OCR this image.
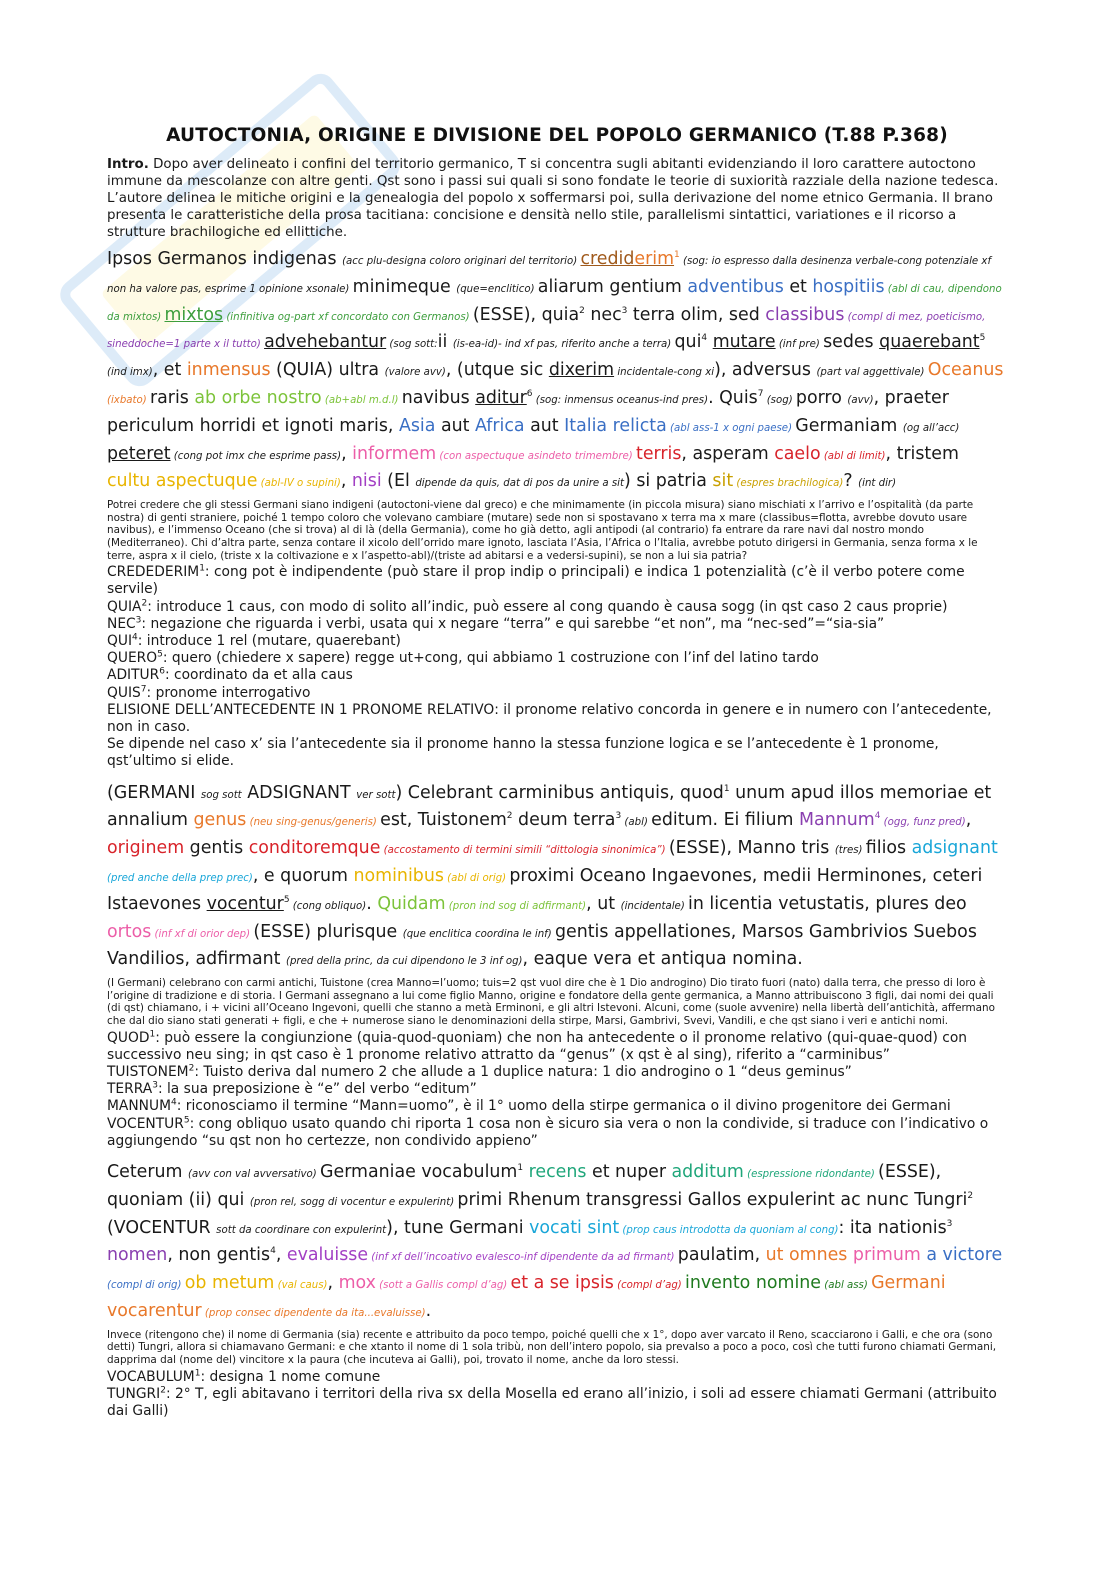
AUTOCTONIA, ORIGINE E DIVISIONE DEL POPOLO GERMANICO (T.88 P.368)

Intro. Dopo aver delineato i confini del territorio germanico, T si concentra sugli abitanti evidenziando il loro carattere autoctono immune da mescolanze con altre genti. Qst sono i passi sui quali si sono fondate le teorie di suxiorità razziale della nazione tedesca. L’autore delinea le mitiche origini e la genealogia del popolo x soffermarsi poi, sulla derivazione del nome etnico Germania. Il brano presenta le caratteristiche della prosa tacitiana: concisione e densità nello stile, parallelismi sintattici, variationes e il ricorso a strutture brachilogiche ed ellittiche.

Ipsos Germanos indigenas (acc plu-designa coloro originari del territorio) crediderim$^1$ (sog: io espresso dalla desinenza verbale-cong potenziale xf non ha valore pas, esprime 1 opinione xsonale) minimeque (que=enclitico) aliarum gentium adventibus et hospitiis (abl di cau, dipendono da mixtos) mixtos (infinitiva og-part xf concordato con Germanos) (ESSE), quia$^2$ nec$^3$ terra olim, sed classibus (compl di mez, poeticismo, sineddoche=1 parte x il tutto) advehebantur (sog sott:ii (is-ea-id)- ind xf pas, riferito anche a terra) qui$^4$ mutare (inf pre) sedes quaerebant$^5$ (ind imx), et inmensus (QUIA) ultra (valore avv), (utque sic dixerim incidentale-cong xi), adversus (part val aggettivale) Oceanus (ixbato) raris ab orbe nostro (ab+abl m.d.l) navibus aditur$^6$ (sog: inmensus oceanus-ind pres). Quis$^7$ (sog) porro (avv), praeter periculum horridi et ignoti maris, Asia aut Africa aut Italia relicta (abl ass-1 x ogni paese) Germaniam (og all’acc) peteret (cong pot imx che esprime pass), informem (con aspectuque asindeto trimembre) terris, asperam caelo (abl di limit), tristem cultu aspectuque (abl-IV o supini), nisi (El dipende da quis, dat di pos da unire a sit) si patria sit (espres brachilogica)? (int dir)

Potrei credere che gli stessi Germani siano indigeni (autoctoni-viene dal greco) e che minimamente (in piccola misura) siano mischiati x l’arrivo e l’ospitalità (da parte nostra) di genti straniere, poiché 1 tempo coloro che volevano cambiare (mutare) sede non si spostavano x terra ma x mare (classibus=flotta, avrebbe dovuto usare navibus), e l’immenso Oceano (che si trova) al di là (della Germania), come ho già detto, agli antipodi (al contrario) fa entrare da rare navi dal nostro mondo (Mediterraneo). Chi d’altra parte, senza contare il xicolo dell’orrido mare ignoto, lasciata l’Asia, l’Africa o l’Italia, avrebbe potuto dirigersi in Germania, senza forma x le terre, aspra x il cielo, (triste x la coltivazione e x l’aspetto-abl)/(triste ad abitarsi e a vedersi-supini), se non a lui sia patria?

CREDEDERIM$^1$: cong pot è indipendente (può stare il prop indip o principali) e indica 1 potenzialità (c’è il verbo potere come servile)

QUIA$^2$: introduce 1 caus, con modo di solito all’indic, può essere al cong quando è causa sogg (in qst caso 2 caus proprie)

NEC$^3$: negazione che riguarda i verbi, usata qui x negare “terra” e qui sarebbe “et non”, ma “nec-sed”=“sia-sia”

QUI$^4$: introduce 1 rel (mutare, quaerebant)

QUERO$^5$: quero (chiedere x sapere) regge ut+cong, qui abbiamo 1 costruzione con l’inf del latino tardo

ADITUR$^6$: coordinato da et alla caus

QUIS$^7$: pronome interrogativo

ELISIONE DELL’ANTECEDENTE IN 1 PRONOME RELATIVO: il pronome relativo concorda in genere e in numero con l’antecedente, non in caso.

Se dipende nel caso x’ sia l’antecedente sia il pronome hanno la stessa funzione logica e se l’antecedente è 1 pronome, qst’ultimo si elide.

(GERMANI sog sott ADSIGNANT ver sott) Celebrant carminibus antiquis, quod$^1$ unum apud illos memoriae et annalium genus (neu sing-genus/generis) est, Tuistonem$^2$ deum terra$^3$ (abl) editum. Ei filium Mannum$^4$ (ogg, funz pred), originem gentis conditoremque (accostamento di termini simili “dittologia sinonimica”) (ESSE), Manno tris (tres) filios adsignant (pred anche della prep prec), e quorum nominibus (abl di orig) proximi Oceano Ingaevones, medii Herminones, ceteri Istaevones vocentur$^5$ (cong obliquo). Quidam (pron ind sog di adfirmant), ut (incidentale) in licentia vetustatis, plures deo ortos (inf xf di orior dep) (ESSE) plurisque (que enclitica coordina le inf) gentis appellationes, Marsos Gambrivios Suebos Vandilios, adfirmant (pred della princ, da cui dipendono le 3 inf og), eaque vera et antiqua nomina.

(I Germani) celebrano con carmi antichi, Tuistone (crea Manno=l’uomo; tuis=2 qst vuol dire che è 1 Dio androgino) Dio tirato fuori (nato) dalla terra, che presso di loro è l’origine di tradizione e di storia. I Germani assegnano a lui come figlio Manno, origine e fondatore della gente germanica, a Manno attribuiscono 3 figli, dai nomi dei quali (di qst) chiamano, i + vicini all’Oceano Ingevoni, quelli che stanno a metà Erminoni, e gli altri Istevoni. Alcuni, come (suole avvenire) nella libertà dell’antichità, affermano che dal dio siano stati generati + figli, e che + numerose siano le denominazioni della stirpe, Marsi, Gambrivi, Svevi, Vandili, e che qst siano i veri e antichi nomi.

QUOD$^1$: può essere la congiunzione (quia-quod-quoniam) che non ha antecedente o il pronome relativo (qui-quae-quod) con successivo neu sing; in qst caso è 1 pronome relativo attratto da “genus” (x qst è al sing), riferito a “carminibus”

TUISTONEM$^2$: Tuisto deriva dal numero 2 che allude a 1 duplice natura: 1 dio androgino o 1 “deus geminus”

TERRA$^3$: la sua preposizione è “e” del verbo “editum”

MANNUM$^4$: riconosciamo il termine “Mann=uomo”, è il 1° uomo della stirpe germanica o il divino progenitore dei Germani

VOCENTUR$^5$: cong obliquo usato quando chi riporta 1 cosa non è sicuro sia vera o non la condivide, si traduce con l’indicativo o aggiungendo “su qst non ho certezze, non condivido appieno”

Ceterum (avv con val avversativo) Germaniae vocabulum$^1$ recens et nuper additum (espressione ridondante) (ESSE), quoniam (ii) qui (pron rel, sogg di vocentur e expulerint) primi Rhenum transgressi Gallos expulerint ac nunc Tungri$^2$ (VOCENTUR sott da coordinare con expulerint), tune Germani vocati sint (prop caus introdotta da quoniam al cong): ita nationis$^3$ nomen, non gentis$^4$, evaluisse (inf xf dell’incoativo evalesco-inf dipendente da ad firmant) paulatim, ut omnes primum a victore (compl di orig) ob metum (val caus), mox (sott a Gallis compl d’ag) et a se ipsis (compl d’ag) invento nomine (abl ass) Germani vocarentur (prop consec dipendente da ita...evaluisse).

Invece (ritengono che) il nome di Germania (sia) recente e attribuito da poco tempo, poiché quelli che x 1°, dopo aver varcato il Reno, scacciarono i Galli, e che ora (sono detti) Tungri, allora si chiamavano Germani: e che xtanto il nome di 1 sola tribù, non dell’intero popolo, sia prevalso a poco a poco, così che tutti furono chiamati Germani, dapprima dal (nome del) vincitore x la paura (che incuteva ai Galli), poi, trovato il nome, anche da loro stessi.

VOCABULUM$^1$: designa 1 nome comune

TUNGRI$^2$: 2° T, egli abitavano i territori della riva sx della Mosella ed erano all’inizio, i soli ad essere chiamati Germani (attribuito dai Galli)
